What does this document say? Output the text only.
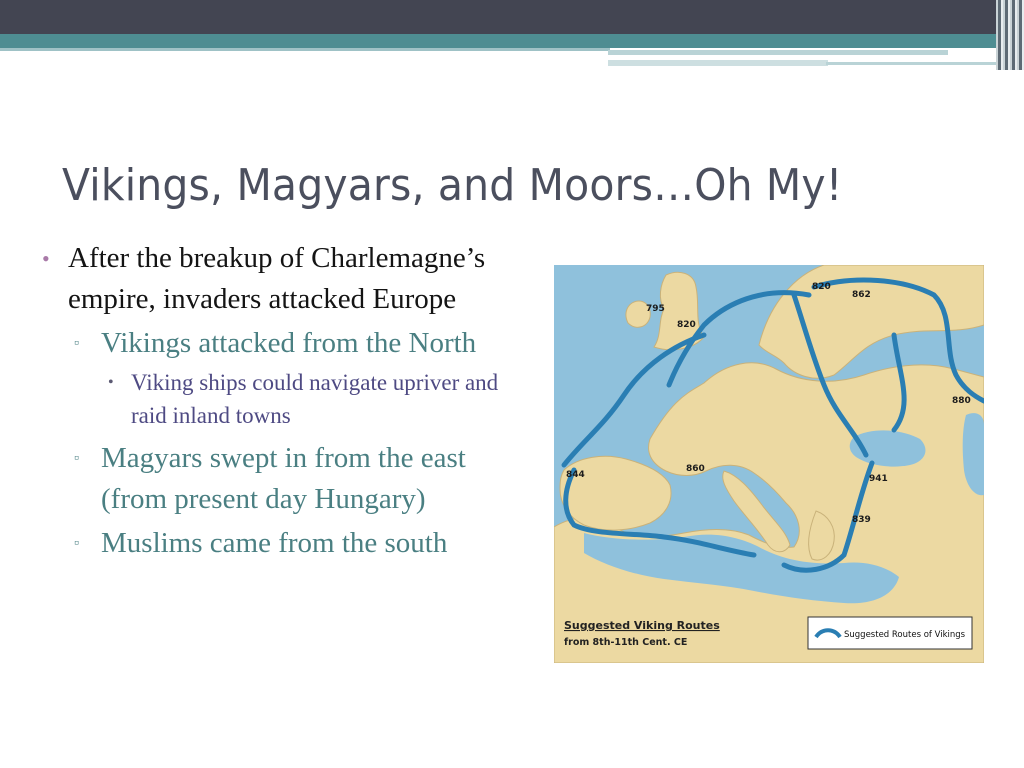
Vikings, Magyars, and Moors…Oh My!
• After the breakup of Charlemagne’s empire, invaders attacked Europe
▫ Vikings attacked from the North
• Viking ships could navigate upriver and raid inland towns
▫ Magyars swept in from the east (from present day Hungary)
▫ Muslims came from the south
795
820
820
862
880
844
860
941
839
Suggested Viking Routes
from 8th-11th Cent. CE
Suggested Routes of Vikings
